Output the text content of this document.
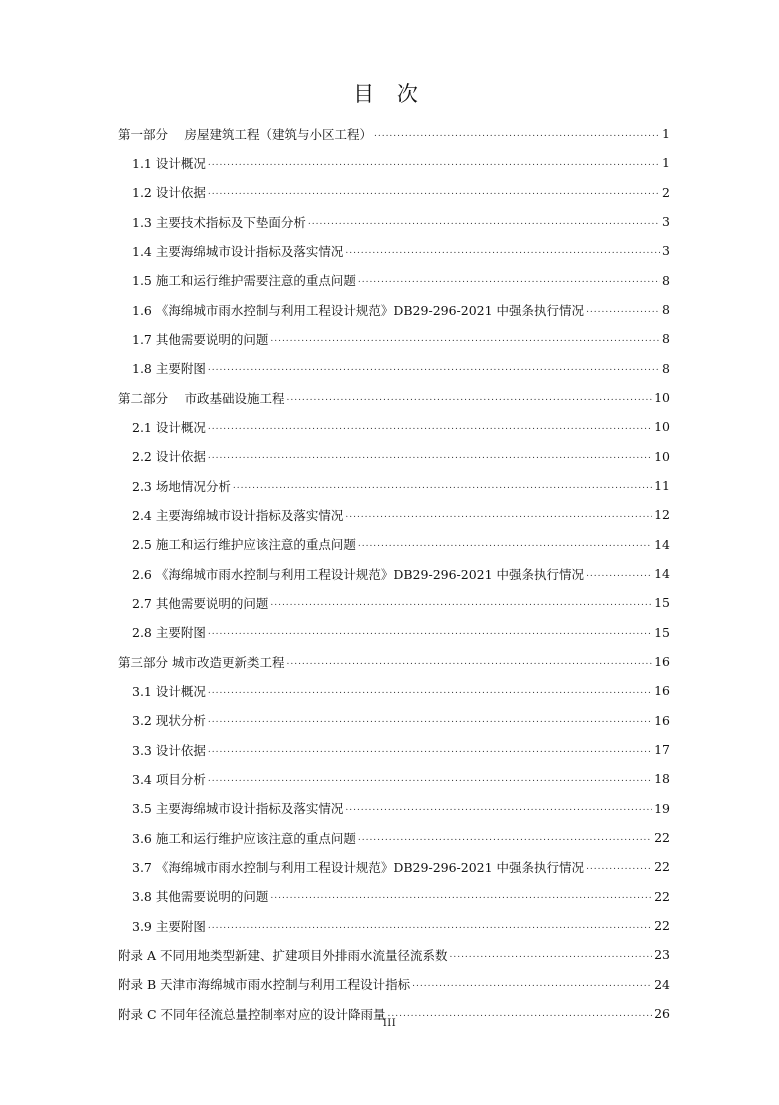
目 次
第一部分　 房屋建筑工程（建筑与小区工程） .....	1
1.1 设计概况 .....	1
1.2 设计依据 .....	2
1.3 主要技术指标及下垫面分析 .....	3
1.4 主要海绵城市设计指标及落实情况 .....	3
1.5 施工和运行维护需要注意的重点问题 .....	8
1.6 《海绵城市雨水控制与利用工程设计规范》DB29-296-2021 中强条执行情况 .....	8
1.7 其他需要说明的问题 .....	8
1.8 主要附图 .....	8
第二部分　 市政基础设施工程 .....	10
2.1 设计概况 .....	10
2.2 设计依据 .....	10
2.3 场地情况分析 .....	11
2.4 主要海绵城市设计指标及落实情况 .....	12
2.5 施工和运行维护应该注意的重点问题 .....	14
2.6 《海绵城市雨水控制与利用工程设计规范》DB29-296-2021 中强条执行情况 .....	14
2.7 其他需要说明的问题 .....	15
2.8 主要附图 .....	15
第三部分 城市改造更新类工程 .....	16
3.1 设计概况 .....	16
3.2 现状分析 .....	16
3.3 设计依据 .....	17
3.4 项目分析 .....	18
3.5 主要海绵城市设计指标及落实情况 .....	19
3.6 施工和运行维护应该注意的重点问题 .....	22
3.7 《海绵城市雨水控制与利用工程设计规范》DB29-296-2021 中强条执行情况 .....	22
3.8 其他需要说明的问题 .....	22
3.9 主要附图 .....	22
附录 A 不同用地类型新建、扩建项目外排雨水流量径流系数 .....	23
附录 B 天津市海绵城市雨水控制与利用工程设计指标 .....	24
附录 C 不同年径流总量控制率对应的设计降雨量 .....	26
III
